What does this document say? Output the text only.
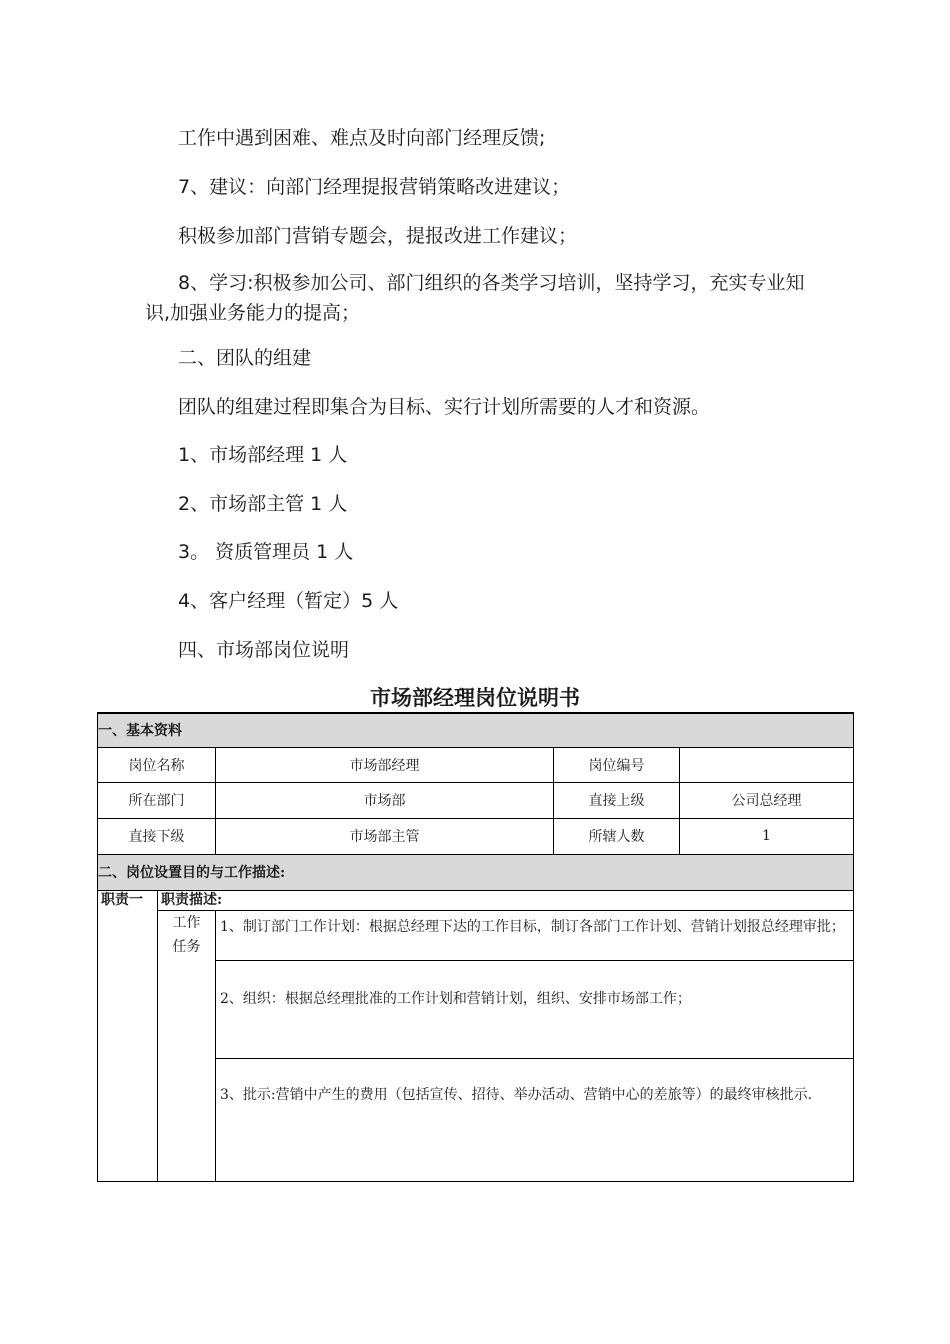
工作中遇到困难、难点及时向部门经理反馈;
7、建议：向部门经理提报营销策略改进建议；
积极参加部门营销专题会，提报改进工作建议；
8、学习:积极参加公司、部门组织的各类学习培训，坚持学习，充实专业知识,加强业务能力的提高；
二、团队的组建
团队的组建过程即集合为目标、实行计划所需要的人才和资源。
1、市场部经理 1 人
2、市场部主管 1 人
3。 资质管理员 1 人
4、客户经理（暂定）5 人
四、市场部岗位说明
市场部经理岗位说明书
一、基本资料				
岗位名称		市场部经理	岗位编号	
所在部门		市场部	直接上级	公司总经理
直接下级		市场部主管	所辖人数	1
二、岗位设置目的与工作描述:				
职责一	职责描述:			
	工作任务	1、制订部门工作计划：根据总经理下达的工作目标，制订各部门工作计划、营销计划报总经理审批；		
		2、组织：根据总经理批准的工作计划和营销计划，组织、安排市场部工作；		
		3、批示:营销中产生的费用（包括宣传、招待、举办活动、营销中心的差旅等）的最终审核批示.		
